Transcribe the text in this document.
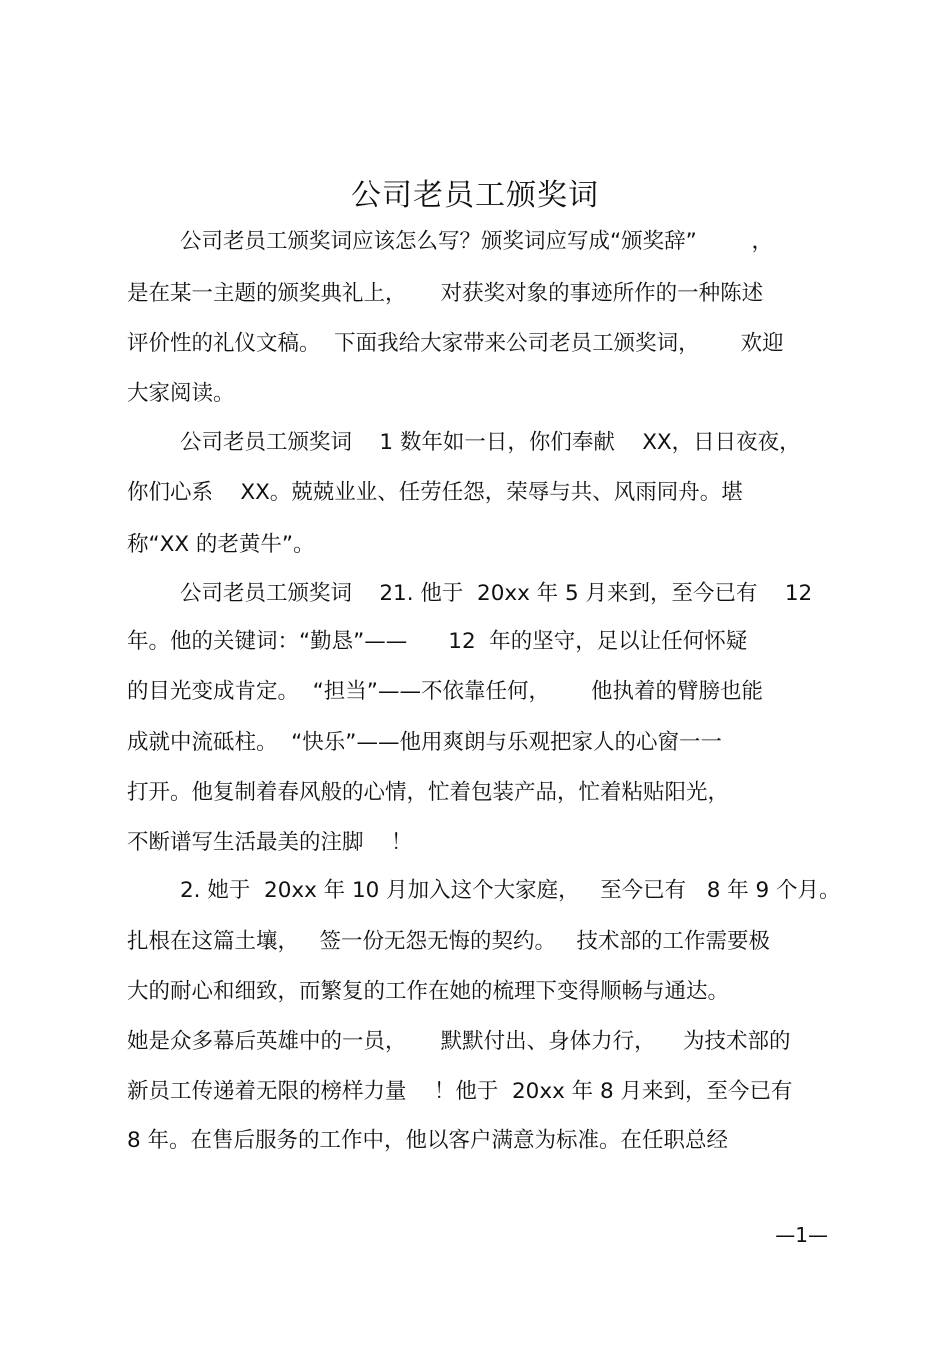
公司老员工颁奖词

公司老员工颁奖词应该怎么写？颁奖词应写成“颁奖辞”        ，

是在某一主题的颁奖典礼上，     对获奖对象的事迹所作的一种陈述

评价性的礼仪文稿。  下面我给大家带来公司老员工颁奖词，      欢迎

大家阅读。

公司老员工颁奖词    1 数年如一日，你们奉献    XX，日日夜夜，

你们心系    XX。兢兢业业、任劳任怨，荣辱与共、风雨同舟。堪

称“XX 的老黄牛”。

公司老员工颁奖词    21. 他于  20xx 年 5 月来到，至今已有    12

年。他的关键词：“勤恳”——      12  年的坚守，足以让任何怀疑

的目光变成肯定。  “担当”——不依靠任何，      他执着的臂膀也能

成就中流砥柱。  “快乐”——他用爽朗与乐观把家人的心窗一一

打开。他复制着春风般的心情，忙着包装产品，忙着粘贴阳光，

不断谱写生活最美的注脚    ！

2. 她于  20xx 年 10 月加入这个大家庭，   至今已有   8 年 9 个月。

扎根在这篇土壤，   签一份无怨无悔的契约。   技术部的工作需要极

大的耐心和细致，而繁复的工作在她的梳理下变得顺畅与通达。

她是众多幕后英雄中的一员，     默默付出、身体力行，    为技术部的

新员工传递着无限的榜样力量    ！他于  20xx 年 8 月来到，至今已有

8 年。在售后服务的工作中，他以客户满意为标准。在任职总经

—1—
